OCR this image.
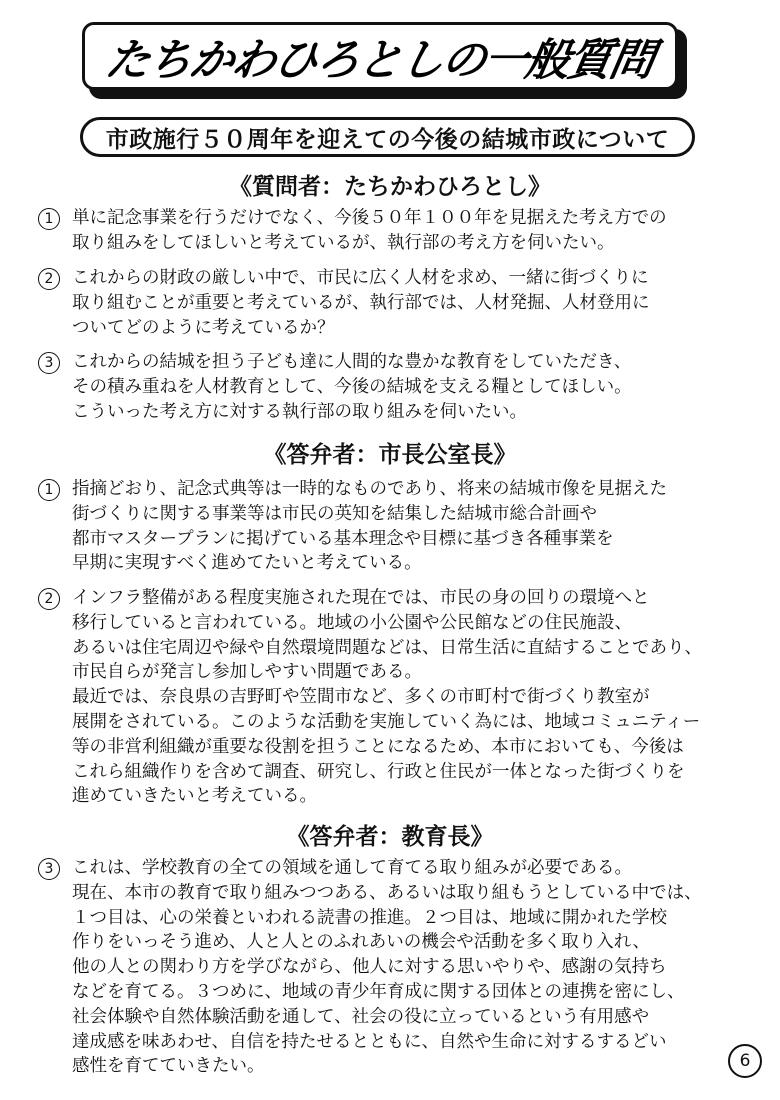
たちかわひろとしの一般質問
市政施行５０周年を迎えての今後の結城市政について
《質問者：たちかわひろとし》
1	単に記念事業を行うだけでなく、今後５０年１００年を見据えた考え方での
取り組みをしてほしいと考えているが、執行部の考え方を伺いたい。
2	これからの財政の厳しい中で、市民に広く人材を求め、一緒に街づくりに
取り組むことが重要と考えているが、執行部では、人材発掘、人材登用に
ついてどのように考えているか？
3	これからの結城を担う子ども達に人間的な豊かな教育をしていただき、
その積み重ねを人材教育として、今後の結城を支える糧としてほしい。
こういった考え方に対する執行部の取り組みを伺いたい。
《答弁者：市長公室長》
1	指摘どおり、記念式典等は一時的なものであり、将来の結城市像を見据えた
街づくりに関する事業等は市民の英知を結集した結城市総合計画や
都市マスタープランに掲げている基本理念や目標に基づき各種事業を
早期に実現すべく進めてたいと考えている。
2	インフラ整備がある程度実施された現在では、市民の身の回りの環境へと
移行していると言われている。地域の小公園や公民館などの住民施設、
あるいは住宅周辺や緑や自然環境問題などは、日常生活に直結することであり、
市民自らが発言し参加しやすい問題である。
最近では、奈良県の吉野町や笠間市など、多くの市町村で街づくり教室が
展開をされている。このような活動を実施していく為には、地域コミュニティー
等の非営利組織が重要な役割を担うことになるため、本市においても、今後は
これら組織作りを含めて調査、研究し、行政と住民が一体となった街づくりを
進めていきたいと考えている。
《答弁者：教育長》
3	これは、学校教育の全ての領域を通して育てる取り組みが必要である。
現在、本市の教育で取り組みつつある、あるいは取り組もうとしている中では、
１つ目は、心の栄養といわれる読書の推進。２つ目は、地域に開かれた学校
作りをいっそう進め、人と人とのふれあいの機会や活動を多く取り入れ、
他の人との関わり方を学びながら、他人に対する思いやりや、感謝の気持ち
などを育てる。３つめに、地域の青少年育成に関する団体との連携を密にし、
社会体験や自然体験活動を通して、社会の役に立っているという有用感や
達成感を味あわせ、自信を持たせるとともに、自然や生命に対するするどい
感性を育てていきたい。	6
